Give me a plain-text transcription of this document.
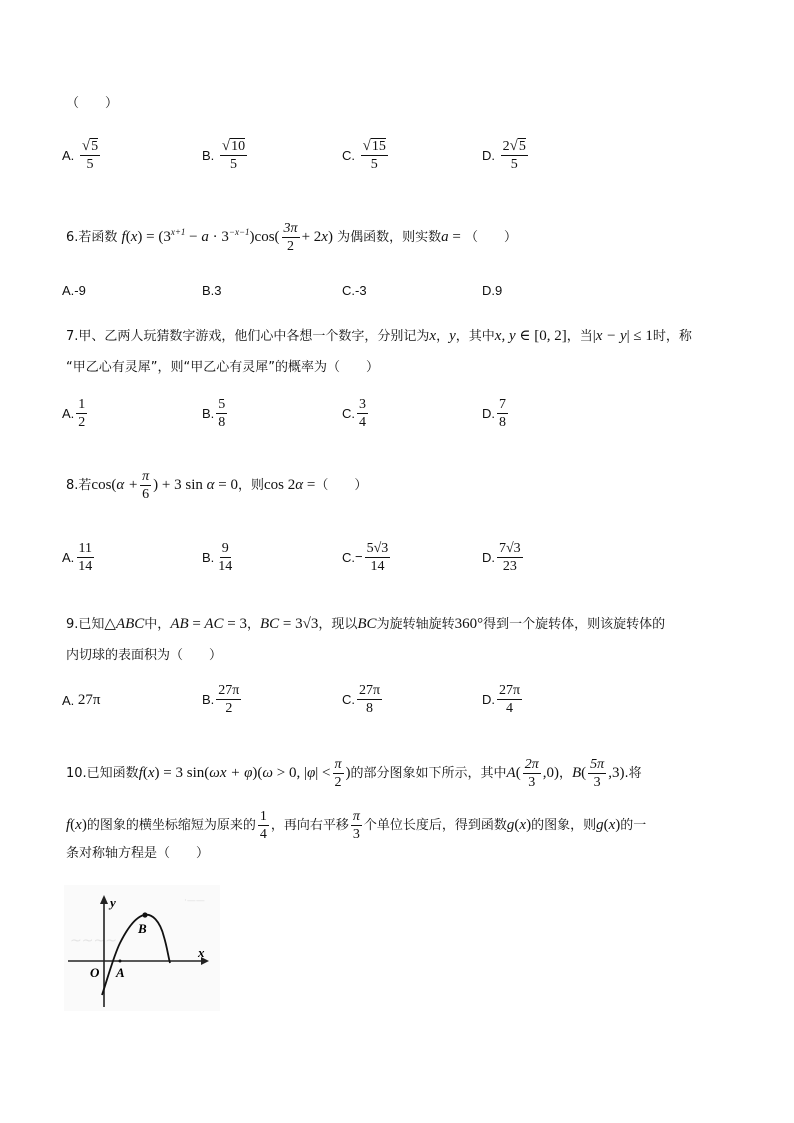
（　　）
A. $\frac{√5}{5}$	B. $\frac{√10}{5}$	C. $\frac{√15}{5}$	D. $\frac{2√5}{5}$
6.若函数 $f(x) = (3^{x+1} - a \cdot 3^{-x-1})\cos( \frac{3\pi}{2} + 2x)$ 为偶函数，则实数a = （　　）
A.-9	B.3	C.-3	D.9
7.甲、乙两人玩猜数字游戏，他们心中各想一个数字，分别记为x，y，其中x, y ∈ [0, 2]，当|x − y| ≤ 1时，称
“甲乙心有灵犀”，则“甲乙心有灵犀”的概率为（　　）
A. $\frac{1}{2}$	B. $\frac{5}{8}$	C. $\frac{3}{4}$	D. $\frac{7}{8}$
8.若$\cos(\alpha + \frac{\pi}{6}$ ) + 3 sin α = 0，则cos 2α =（　　）
A. $\frac{11}{14}$	B. $\frac{9}{14}$	$C.- \frac{5√3}{14}$	D. $\frac{7√3}{23}$
9.已知△ABC中，AB = AC = 3，BC = 3√3，现以BC为旋转轴旋转360°得到一个旋转体，则该旋转体的
内切球的表面积为（　　）
A. 27π	B. $\frac{27\pi}{2}$	C. $\frac{27\pi}{8}$	D. $\frac{27\pi}{4}$
10.已知函数f(x) = 3 sin(ωx + φ)(ω > 0, $|\varphi| < \frac{\pi}{2}$ )的部分图象如下所示，其中$A( \frac{2\pi}{3} ,0)$，$B( \frac{5\pi}{3} ,3)$.将
f(x)的图象的横坐标缩短为原来的 $\frac{1}{4}$ ，再向右平移 $\frac{\pi}{3}$ 个单位长度后，得到函数g(x)的图象，则g(x)的一
条对称轴方程是（　　）
·——
~~~~
y
x
O A
B
